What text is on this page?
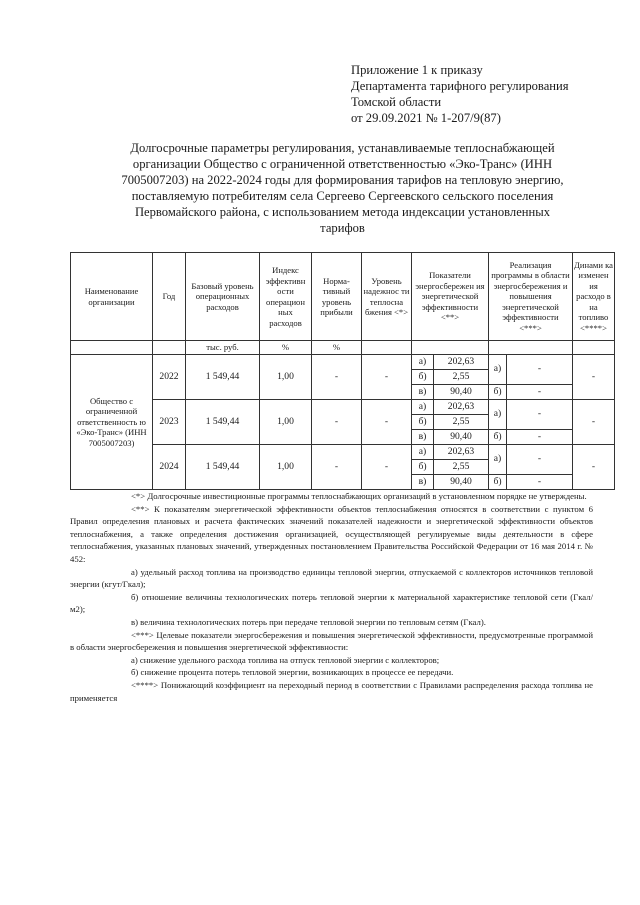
Приложение 1 к приказу
Департамента тарифного регулирования
Томской области
от 29.09.2021 № 1-207/9(87)
Долгосрочные параметры регулирования, устанавливаемые теплоснабжающей
организации Общество с ограниченной ответственностью «Эко-Транс» (ИНН
7005007203) на 2022-2024 годы для формирования тарифов на тепловую энергию,
поставляемую потребителям села Сергеево Сергеевского сельского поселения
Первомайского района, с использованием метода индексации установленных
тарифов
Наименование организации	Год	Базовый уровень операционных расходов	Индекс эффективн ости операцион ных расходов	Норма- тивный уровень прибыли	Уровень надежнос ти теплосна бжения <*>	Показатели энергосбережен ия энергетической эффективности <**>		Реализация программы в области энергосбережения и повышения энергетической эффективности <***>		Динами ка изменен ия расходо в на топливо <****>
		тыс. руб.	%	%						
Общество с ограниченной ответственность ю «Эко-Транс» (ИНН 7005007203)	2022	1 549,44	1,00	-	-	а)	202,63	а)	-	-
						б)	2,55			
						в)	90,40	б)	-	
	2023	1 549,44	1,00	-	-	а)	202,63	а)	-	-
						б)	2,55			
						в)	90,40	б)	-	
	2024	1 549,44	1,00	-	-	а)	202,63	а)	-	-
						б)	2,55			
						в)	90,40	б)	-	

<*> Долгосрочные инвестиционные программы теплоснабжающих организаций в установленном порядке не утверждены.

<**> К показателям энергетической эффективности объектов теплоснабжения относятся в соответствии с пунктом 6 Правил определения плановых и расчета фактических значений показателей надежности и энергетической эффективности объектов теплоснабжения, а также определения достижения организацией, осуществляющей регулируемые виды деятельности в сфере теплоснабжения, указанных плановых значений, утвержденных постановлением Правительства Российской Федерации от 16 мая 2014 г. № 452:

а) удельный расход топлива на производство единицы тепловой энергии, отпускаемой с коллекторов источников тепловой энергии (кгут/Гкал);

б) отношение величины технологических потерь тепловой энергии к материальной характеристике тепловой сети (Гкал/м2);

в) величина технологических потерь при передаче тепловой энергии по тепловым сетям (Гкал).

<***> Целевые показатели энергосбережения и повышения энергетической эффективности, предусмотренные программой в области энергосбережения и повышения энергетической эффективности:

а) снижение удельного расхода топлива на отпуск тепловой энергии с коллекторов;

б) снижение процента потерь тепловой энергии, возникающих в процессе ее передачи.

<****> Понижающий коэффициент на переходный период в соответствии с Правилами распределения расхода топлива не применяется
